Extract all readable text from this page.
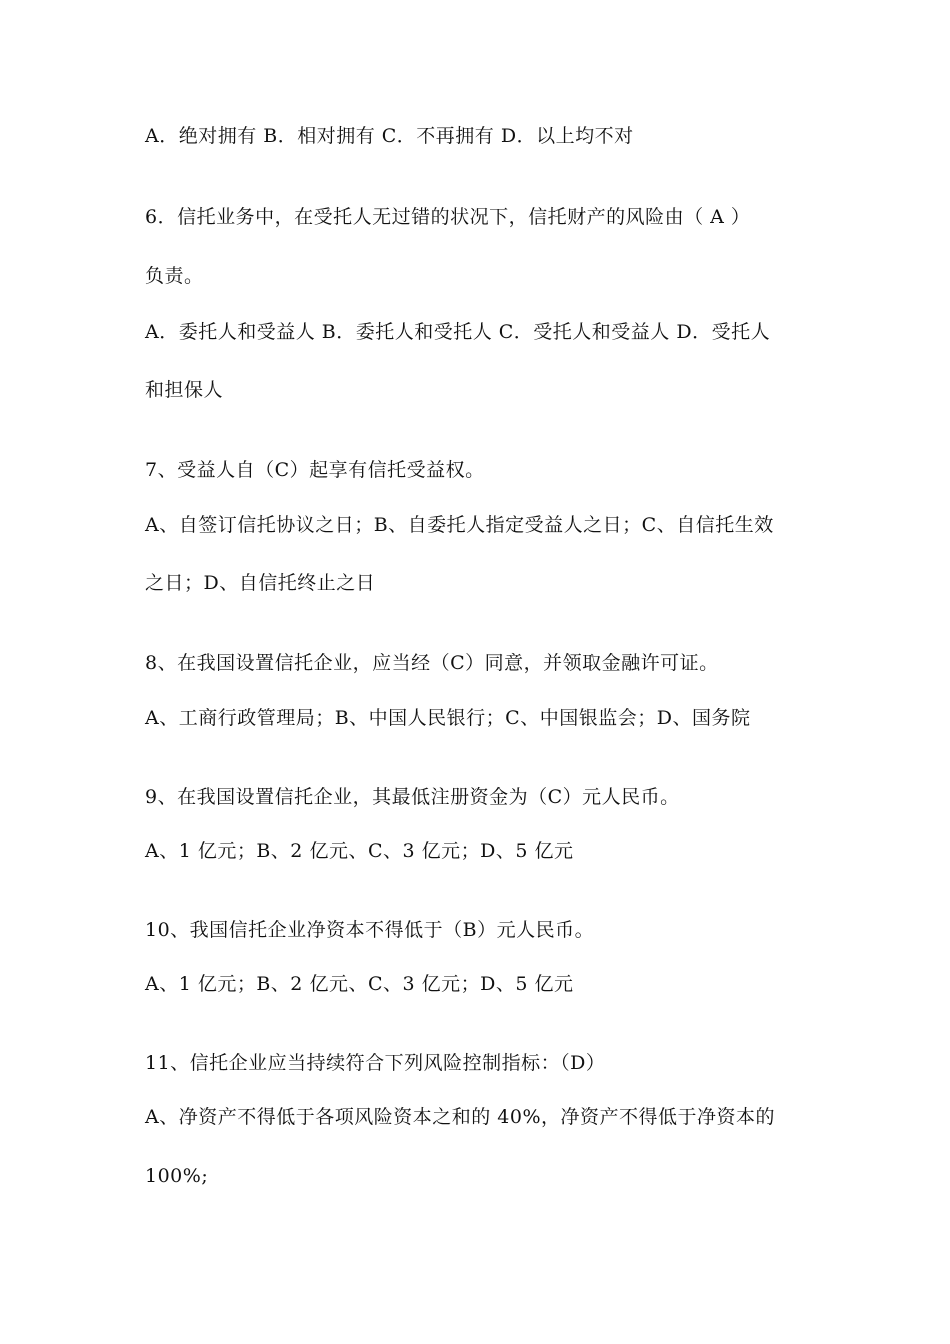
A．绝对拥有 B．相对拥有 C．不再拥有 D．以上均不对
6．信托业务中，在受托人无过错的状况下，信托财产的风险由（ A ）
负责。
A．委托人和受益人 B．委托人和受托人 C．受托人和受益人 D．受托人
和担保人
7、受益人自（C）起享有信托受益权。
A、自签订信托协议之日；B、自委托人指定受益人之日；C、自信托生效
之日；D、自信托终止之日
8、在我国设置信托企业，应当经（C）同意，并领取金融许可证。
A、工商行政管理局；B、中国人民银行；C、中国银监会；D、国务院
9、在我国设置信托企业，其最低注册资金为（C）元人民币。
A、1 亿元；B、2 亿元、C、3 亿元；D、5 亿元
10、我国信托企业净资本不得低于（B）元人民币。
A、1 亿元；B、2 亿元、C、3 亿元；D、5 亿元
11、信托企业应当持续符合下列风险控制指标：（D）
A、净资产不得低于各项风险资本之和的 40%，净资产不得低于净资本的
100%;
